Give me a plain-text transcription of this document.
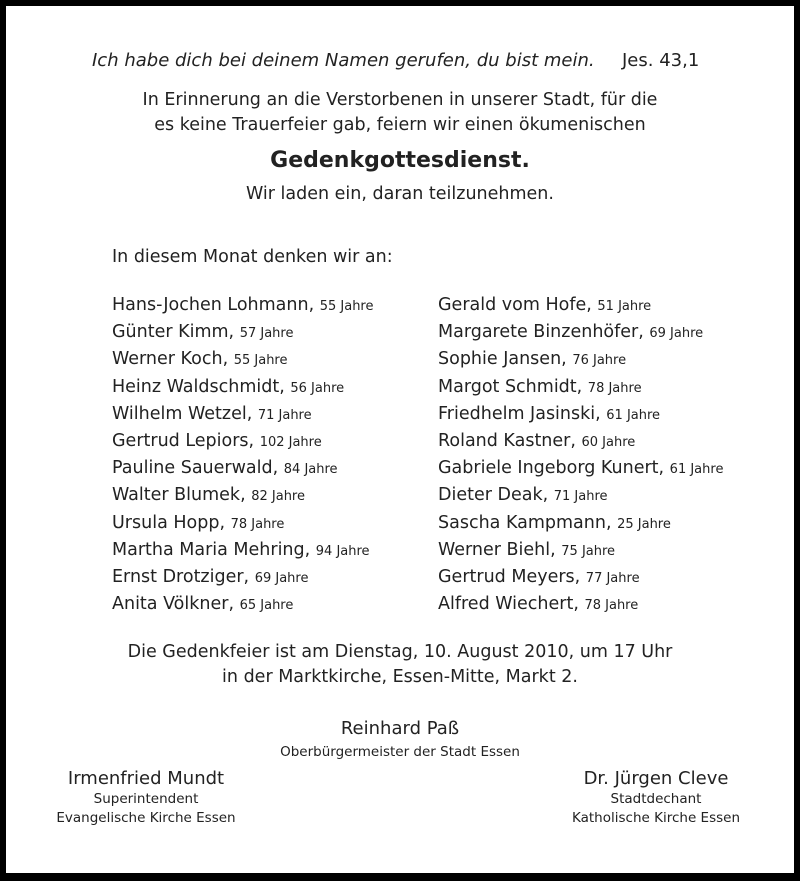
Ich habe dich bei deinem Namen gerufen, du bist mein. Jes. 43,1
In Erinnerung an die Verstorbenen in unserer Stadt, für die
es keine Trauerfeier gab, feiern wir einen ökumenischen
Gedenkgottesdienst.
Wir laden ein, daran teilzunehmen.
In diesem Monat denken wir an:
Hans-Jochen Lohmann, 55 Jahre
Günter Kimm, 57 Jahre
Werner Koch, 55 Jahre
Heinz Waldschmidt, 56 Jahre
Wilhelm Wetzel, 71 Jahre
Gertrud Lepiors, 102 Jahre
Pauline Sauerwald, 84 Jahre
Walter Blumek, 82 Jahre
Ursula Hopp, 78 Jahre
Martha Maria Mehring, 94 Jahre
Ernst Drotziger, 69 Jahre
Anita Völkner, 65 Jahre
Gerald vom Hofe, 51 Jahre
Margarete Binzenhöfer, 69 Jahre
Sophie Jansen, 76 Jahre
Margot Schmidt, 78 Jahre
Friedhelm Jasinski, 61 Jahre
Roland Kastner, 60 Jahre
Gabriele Ingeborg Kunert, 61 Jahre
Dieter Deak, 71 Jahre
Sascha Kampmann, 25 Jahre
Werner Biehl, 75 Jahre
Gertrud Meyers, 77 Jahre
Alfred Wiechert, 78 Jahre
Die Gedenkfeier ist am Dienstag, 10. August 2010, um 17 Uhr
in der Marktkirche, Essen-Mitte, Markt 2.
Reinhard Paß
Oberbürgermeister der Stadt Essen
Irmenfried Mundt
Superintendent
Evangelische Kirche Essen
Dr. Jürgen Cleve
Stadtdechant
Katholische Kirche Essen
